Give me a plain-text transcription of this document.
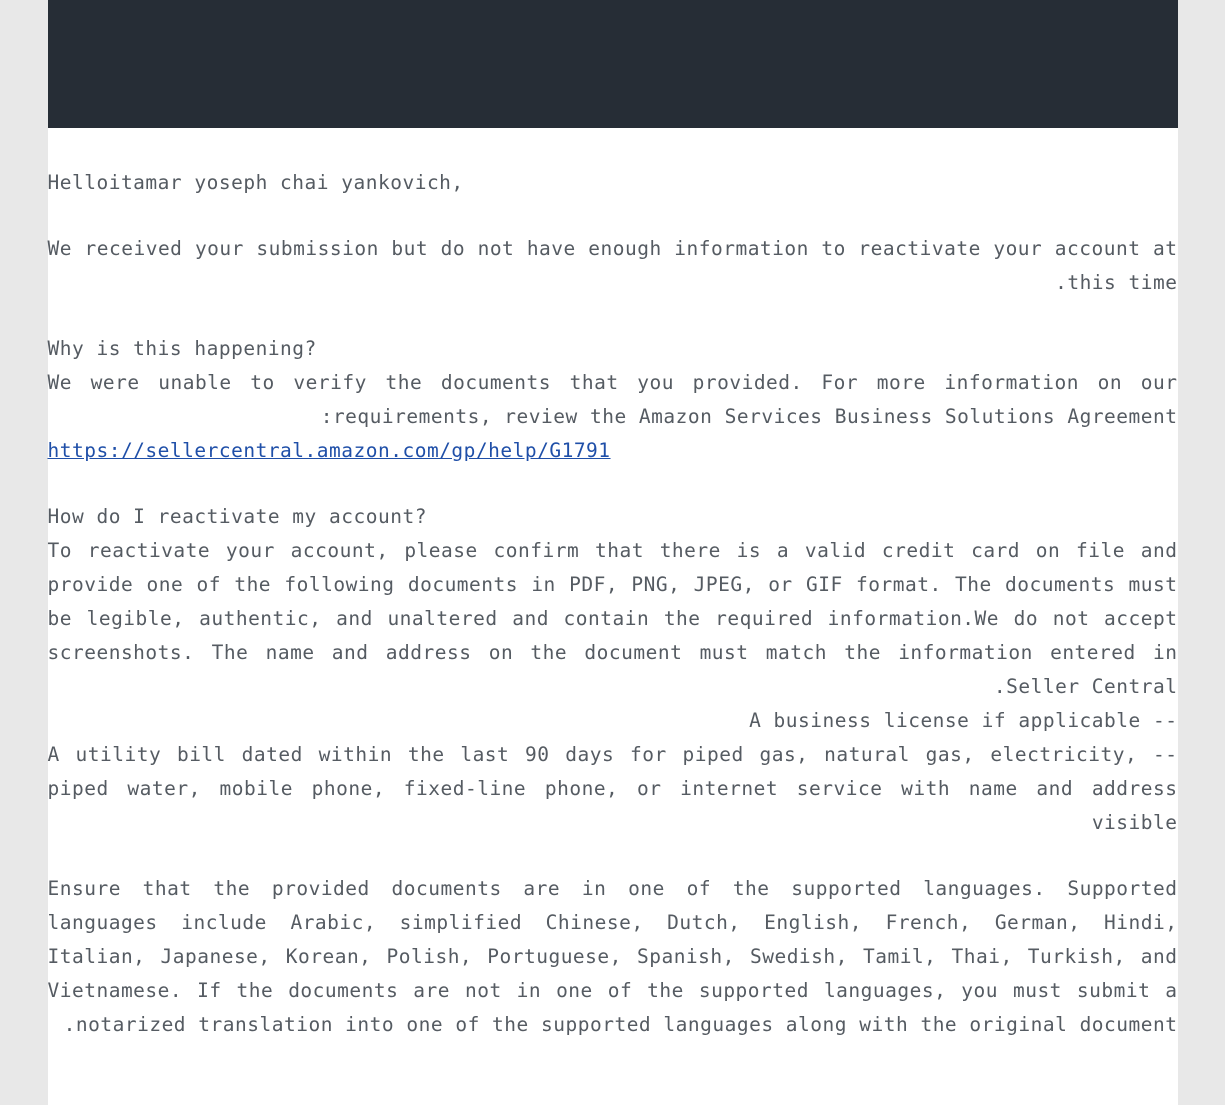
,Helloitamar yoseph chai yankovich
We received your submission but do not have enough information to reactivate your account at this time.
?Why is this happening
We were unable to verify the documents that you provided. For more information on our requirements, review the Amazon Services Business Solutions Agreement:
https://sellercentral.amazon.com/gp/help/G1791
?How do I reactivate my account
To reactivate your account, please confirm that there is a valid credit card on file and provide one of the following documents in PDF, PNG, JPEG, or GIF format. The documents must be legible, authentic, and unaltered and contain the required information.We do not accept screenshots. The name and address on the document must match the information entered in Seller Central.
-- A business license if applicable
-- A utility bill dated within the last 90 days for piped gas, natural gas, electricity, piped water, mobile phone, fixed-line phone, or internet service with name and address visible
Ensure that the provided documents are in one of the supported languages. Supported languages include Arabic, simplified Chinese, Dutch, English, French, German, Hindi, Italian, Japanese, Korean, Polish, Portuguese, Spanish, Swedish, Tamil, Thai, Turkish, and Vietnamese. If the documents are not in one of the supported languages, you must submit a notarized translation into one of the supported languages along with the original document.
